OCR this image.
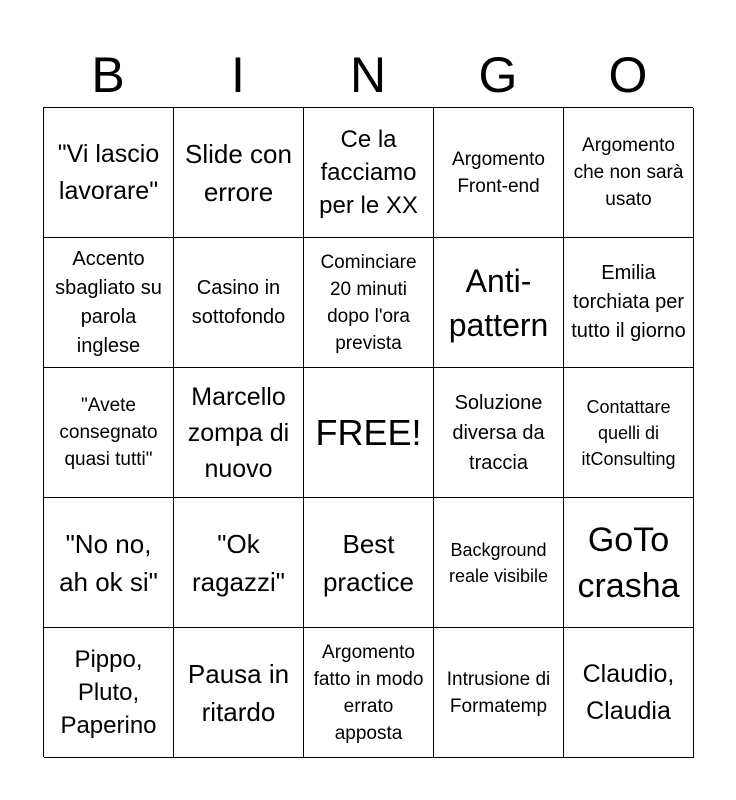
B	I	N	G	O
"Vi lascio lavorare"
Slide con errore
Ce la facciamo per le XX
Argomento Front-end
Argomento che non sarà usato
Accento sbagliato su parola inglese
Casino in sottofondo
Cominciare 20 minuti dopo l'ora prevista
Anti-pattern
Emilia torchiata per tutto il giorno
"Avete consegnato quasi tutti"
Marcello zompa di nuovo
FREE!
Soluzione diversa da traccia
Contattare quelli di itConsulting
"No no, ah ok si"
"Ok ragazzi"
Best practice
Background reale visibile
GoTo crasha
Pippo, Pluto, Paperino
Pausa in ritardo
Argomento fatto in modo errato apposta
Intrusione di Formatemp
Claudio, Claudia
